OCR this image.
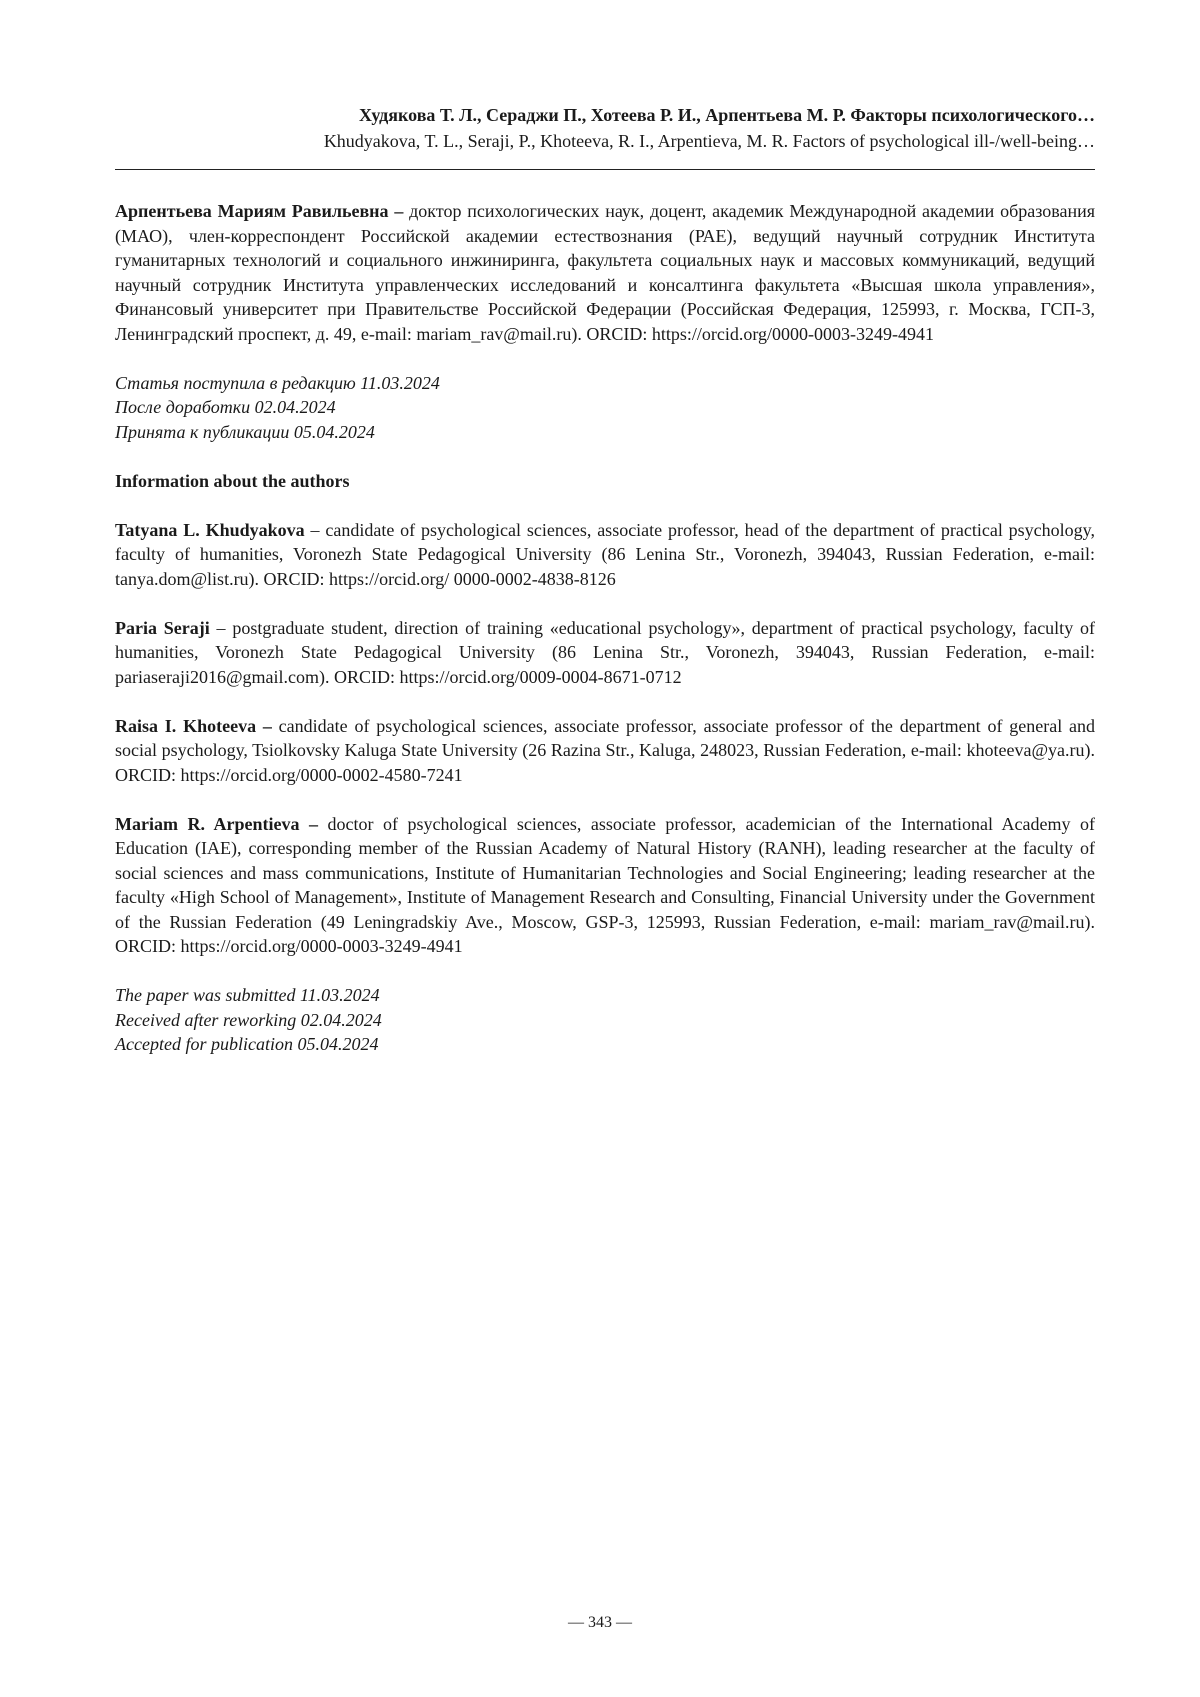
Худякова Т. Л., Сераджи П., Хотеева Р. И., Арпентьева М. Р. Факторы психологического…
Khudyakova, T. L., Seraji, P., Khoteeva, R. I., Arpentieva, M. R. Factors of psychological ill-/well-being…

Арпентьева Мариям Равильевна – доктор психологических наук, доцент, академик Международной академии образования (МАО), член-корреспондент Российской академии естествознания (РАЕ), ведущий научный сотрудник Института гуманитарных технологий и социального инжиниринга, факультета социальных наук и массовых коммуникаций, ведущий научный сотрудник Института управленческих исследований и консалтинга факультета «Высшая школа управления», Финансовый университет при Правительстве Российской Федерации (Российская Федерация, 125993, г. Москва, ГСП-3, Ленинградский проспект, д. 49, e-mail: mariam_rav@mail.ru). ORCID: https://orcid.org/0000-0003-3249-4941

Статья поступила в редакцию 11.03.2024

После доработки 02.04.2024

Принята к публикации 05.04.2024

Information about the authors

Tatyana L. Khudyakova – candidate of psychological sciences, associate professor, head of the department of practical psychology, faculty of humanities, Voronezh State Pedagogical University (86 Lenina Str., Voronezh, 394043, Russian Federation, e-mail: tanya.dom@list.ru). ORCID: https://orcid.org/ 0000-0002-4838-8126

Paria Seraji – postgraduate student, direction of training «educational psychology», department of practical psychology, faculty of humanities, Voronezh State Pedagogical University (86 Lenina Str., Voronezh, 394043, Russian Federation, e-mail: pariaseraji2016@gmail.com). ORCID: https://orcid.org/0009-0004-8671-0712

Raisa I. Khoteeva – candidate of psychological sciences, associate professor, associate professor of the department of general and social psychology, Tsiolkovsky Kaluga State University (26 Razina Str., Kaluga, 248023, Russian Federation, e-mail: khoteeva@ya.ru). ORCID: https://orcid.org/0000-0002-4580-7241

Mariam R. Arpentieva – doctor of psychological sciences, associate professor, academician of the International Academy of Education (IAE), corresponding member of the Russian Academy of Natural History (RANH), leading researcher at the faculty of social sciences and mass communications, Institute of Humanitarian Technologies and Social Engineering; leading researcher at the faculty «High School of Management», Institute of Management Research and Consulting, Financial University under the Government of the Russian Federation (49 Leningradskiy Ave., Moscow, GSP-3, 125993, Russian Federation, e-mail: mariam_rav@mail.ru). ORCID: https://orcid.org/0000-0003-3249-4941

The paper was submitted 11.03.2024

Received after reworking 02.04.2024

Accepted for publication 05.04.2024

— 343 —
